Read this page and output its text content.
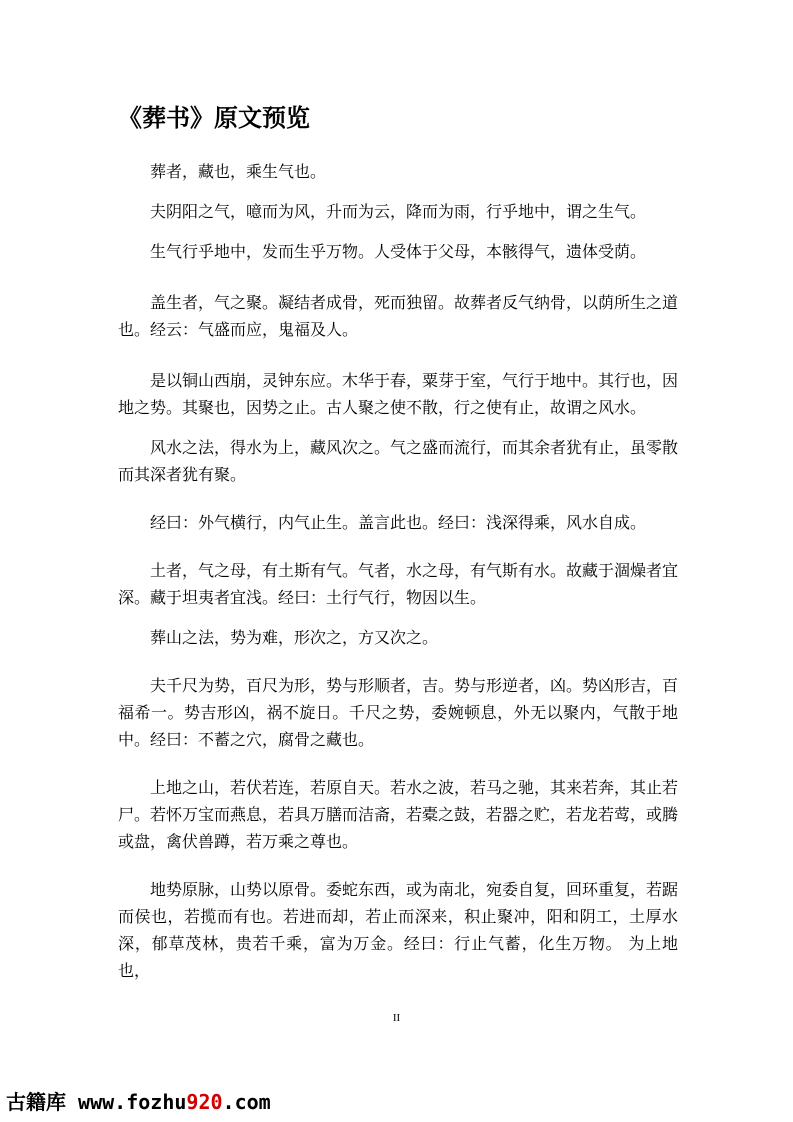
《葬书》原文预览

葬者，藏也，乘生气也。

夫阴阳之气，噫而为风，升而为云，降而为雨，行乎地中，谓之生气。

生气行乎地中，发而生乎万物。人受体于父母，本骸得气，遗体受荫。

盖生者，气之聚。凝结者成骨，死而独留。故葬者反气纳骨，以荫所生之道也。经云：气盛而应，鬼福及人。

是以铜山西崩，灵钟东应。木华于春，粟芽于室，气行于地中。其行也，因地之势。其聚也，因势之止。古人聚之使不散，行之使有止，故谓之风水。

风水之法，得水为上，藏风次之。气之盛而流行，而其余者犹有止，虽零散而其深者犹有聚。

经曰：外气横行，内气止生。盖言此也。经曰：浅深得乘，风水自成。

土者，气之母，有土斯有气。气者，水之母，有气斯有水。故藏于涸燥者宜深。藏于坦夷者宜浅。经曰：土行气行，物因以生。

葬山之法，势为难，形次之，方又次之。

夫千尺为势，百尺为形，势与形顺者，吉。势与形逆者，凶。势凶形吉，百福希一。势吉形凶，祸不旋日。千尺之势，委婉顿息，外无以聚内，气散于地中。经曰：不蓄之穴，腐骨之藏也。

上地之山，若伏若连，若原自天。若水之波，若马之驰，其来若奔，其止若尸。若怀万宝而燕息，若具万膳而洁斋，若橐之鼓，若器之贮，若龙若莺，或腾或盘，禽伏兽蹲，若万乘之尊也。

地势原脉，山势以原骨。委蛇东西，或为南北，宛委自复，回环重复，若踞而侯也，若揽而有也。若进而却，若止而深来，积止聚冲，阳和阴工，土厚水深，郁草茂林，贵若千乘，富为万金。经曰：行止气蓄，化生万物。 为上地也，

II
古籍库 www.fozhu920.com
